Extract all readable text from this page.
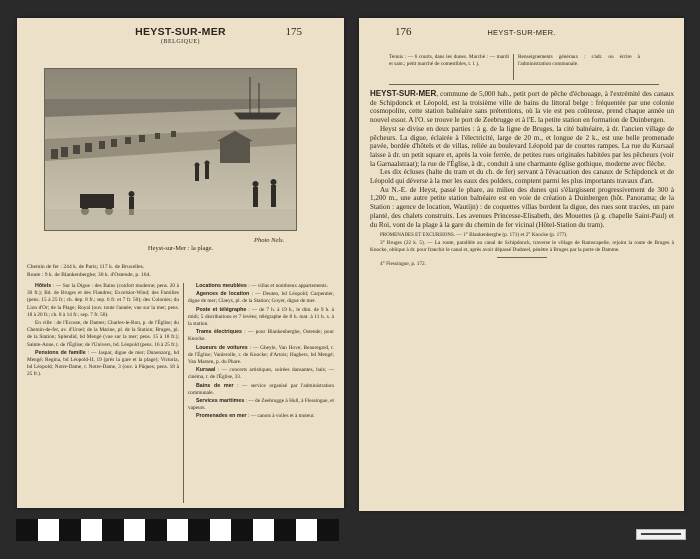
HEYST-SUR-MER
(BELGIQUE)
175
Photo Nels.
Heyst-sur-Mer : la plage.
Chemin de fer : 244 k. de Paris; 117 k. de Bruxelles.
Route : 9 k. de Blankenberghe; 30 k. d'Ostende, p. 164.
Hôtels : — Sur la Digue : des Bains (confort moderne; pens. 20 à 30 fr.); Bd. de Bruges et des Flandres; Excelsior-Wind; des Familles (pens. 15 à 25 fr.; ch. dep. 8 fr.; sep. 6 fr. et 7 fr. 50); des Colonies; du Lion d'Or; de la Plage; Royal (ouv. toute l'année; vue sur la mer; pens. 18 à 20 fr.; ch. 8 à 14 fr.; sep. 7 fr. 50).
En ville : de l'Ecosse, de Dames; Charles-le-Bon, p. de l'Église; du Chemin-de-fer, av. d'Ursel; de la Marine, pl. de la Station; Bruges, pl. de la Station; Splendid, bd Mengé (vue sur la mer; pens. 15 à 18 fr.); Sainte-Anne, r. de l'Église; de l'Univers, bd. Léopold (pens. 16 à 25 fr.).
Pensions de famille : — Jaspar, digue de mer; Dunenzorg, bd Mengé; Regina, bd Léopold-II, 19 (près la gare et la plage); Victoria, bd Léopold; Notre-Dame, r. Notre-Dame, 3 (ouv. à Pâques; pens. 18 à 25 fr.).
Locations meublées : — villas et nombreux appartements.
Agences de location : — Deuten, bd Léopold; Carpentier, digue de mer; Claeys, pl. de la Station; Goyet, digue de mer.
Poste et télégraphe : — de 7 h. à 19 h., le dim. de 9 h. à midi; 5 distributions et 7 levées; télégraphe de 8 h. mat. à 11 h. s. à la station.
Trams électriques : — pour Blankenberghe, Ostende; pour Knocke.
Loueurs de voitures : — Gheyle, Van Hove; Beauregard, r. de l'Église; Vanlerolle, r. de Knocke; d'Artois; Haghers, bd Mengé; Van Marsen, p. du Phare.
Kursaal : — concerts artistiques, soirées dansantes, bals; — cinéma, r. de l'Église, 33.
Bains de mer : — service organisé par l'administration communale.
Services maritimes : — de Zeebrugge à Hull, à Flessingue, et vapeurs.
Promenades en mer : — canots à voiles et à moteur.
176	HEYST-SUR-MER.
Tennis : — 6 courts, dans les dunes. Marché : — mardi et sam.; petit marché de comestibles, t. l. j.
Renseignements généraux : s'adr. ou écrire à l'administration communale.

HEYST-SUR-MER, commune de 5,000 hab., petit port de pêche d'échouage, à l'extrémité des canaux de Schipdonck et Léopold, est la troisième ville de bains du littoral belge : fréquentée par une colonie cosmopolite, cette station balnéaire sans prétentions, où la vie est peu coûteuse, prend chaque année un nouvel essor. A l'O. se trouve le port de Zeebrugge et à l'E. la petite station en formation de Duinbergen.

Heyst se divise en deux parties : à g. de la ligne de Bruges, la cité balnéaire, à dr. l'ancien village de pêcheurs. La digue, éclairée à l'électricité, large de 20 m., et longue de 2 k., est une belle promenade pavée, bordée d'hôtels et de villas, reliée au boulevard Léopold par de courtes rampes. La rue du Kursaal laisse à dr. un petit square et, après la voie ferrée, de petites rues originales habitées par les pêcheurs (voir la Garnaalstraat); la rue de l'Église, à dr., conduit à une charmante église gothique, moderne avec flèche.

Les dix écluses (halte du tram et du ch. de fer) servant à l'évacuation des canaux de Schipdonck et de Léopold qui déverse à la mer les eaux des polders, comptent parmi les plus importants travaux d'art.

Au N.-E. de Heyst, passé le phare, au milieu des dunes qui s'élargissent progressivement de 300 à 1,200 m., une autre petite station balnéaire est en voie de création à Duinbergen (hôt. Panorama; de la Station : agence de location, Wautijn) : de coquettes villas bordent la digue, des rues sont tracées, un pare planté, des chalets construits. Les avenues Princesse-Elisabeth, des Mouettes (à g. chapelle Saint-Paul) et du Roi, vont de la plage à la gare du chemin de fer vicinal (Hôtel-Station du tram).

PROMENADES ET EXCURSIONS. — 1° Blankenberghe (p. 171) et 2° Knocke (p. 177).
3° Bruges (22 k. 5). — La route, parallèle au canal de Schipdonck, traverse le village de Ramscapelle, rejoint la route de Bruges à Knocke, oblique à dr. pour franchir le canal et, après avoir dépassé Dudzeel, pénètre à Bruges par la porte de Damme.
4° Flessingue, p. 172.
